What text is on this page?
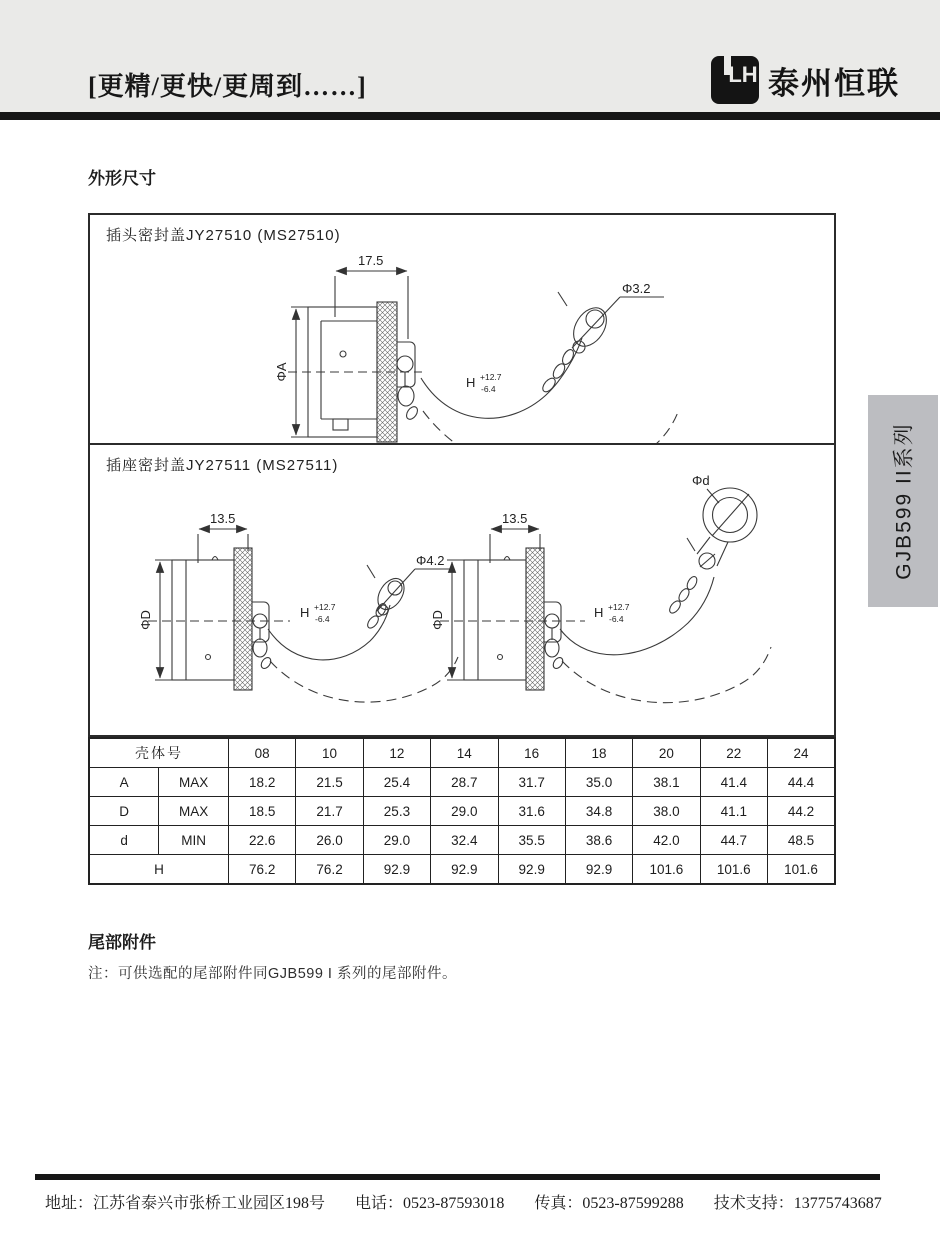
[更精/更快/更周到……]	LH 泰州恒联
外形尺寸
插头密封盖JY27510 (MS27510)
ΦA
17.5
Φ3.2
H +12.7
-6.4
插座密封盖JY27511 (MS27511)
13.5
ΦD
Φ4.2
H +12.7
-6.4
13.5
ΦD
Φd
H +12.7
-6.4
壳体号		08	10	12	14	16	18	20	22	24
A	MAX	18.2	21.5	25.4	28.7	31.7	35.0	38.1	41.4	44.4
D	MAX	18.5	21.7	25.3	29.0	31.6	34.8	38.0	41.1	44.2
d	MIN	22.6	26.0	29.0	32.4	35.5	38.6	42.0	44.7	48.5
H		76.2	76.2	92.9	92.9	92.9	92.9	101.6	101.6	101.6
尾部附件
注：可供选配的尾部附件同GJB599 I 系列的尾部附件。
GJB599 II系列
地址：江苏省泰兴市张桥工业园区198号 电话：0523-87593018 传真：0523-87599288 技术支持：13775743687
